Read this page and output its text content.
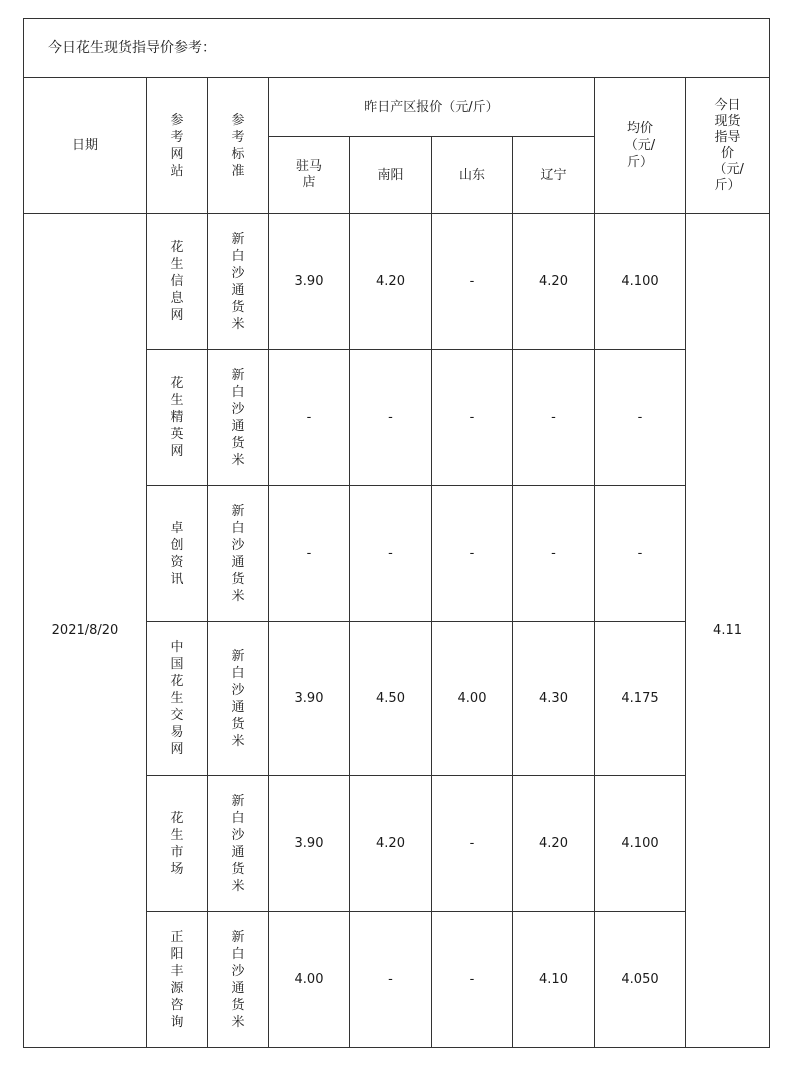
今日花生现货指导价参考：								
日期	参考网站	参考标准	昨日产区报价（元/斤）				均价（元/斤）	今日现货指导价（元/斤）
			驻马店	南阳	山东	辽宁		
2021/8/20	花生信息网	新白沙通货米	3.90	4.20	-	4.20	4.100	4.11
	花生精英网	新白沙通货米	-	-	-	-	-	
	卓创资讯	新白沙通货米	-	-	-	-	-	
	中国花生交易网	新白沙通货米	3.90	4.50	4.00	4.30	4.175	
	花生市场	新白沙通货米	3.90	4.20	-	4.20	4.100	
	正阳丰源咨询	新白沙通货米	4.00	-	-	4.10	4.050	
